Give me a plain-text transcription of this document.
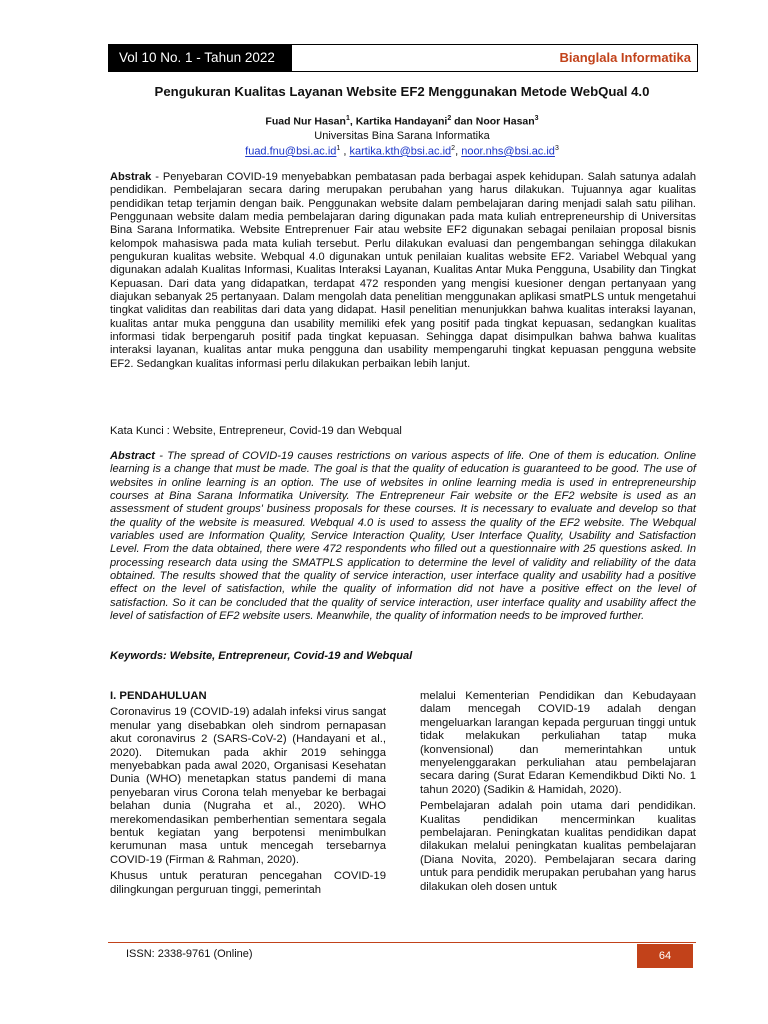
Vol 10 No. 1 - Tahun 2022	Bianglala Informatika
Pengukuran Kualitas Layanan Website EF2 Menggunakan Metode WebQual 4.0
Fuad Nur Hasan$^1$, Kartika Handayani$^2$ dan Noor Hasan$^3$
Universitas Bina Sarana Informatika
$fuad.fnu@bsi.ac.id^1$ , $kartika.kth@bsi.ac.id^2$, $noor.nhs@bsi.ac.id^3$
Abstrak - Penyebaran COVID-19 menyebabkan pembatasan pada berbagai aspek kehidupan. Salah satunya adalah pendidikan. Pembelajaran secara daring merupakan perubahan yang harus dilakukan. Tujuannya agar kualitas pendidikan tetap terjamin dengan baik. Penggunakan website dalam pembelajaran daring menjadi salah satu pilihan. Penggunaan website dalam media pembelajaran daring digunakan pada mata kuliah entrepreneurship di Universitas Bina Sarana Informatika. Website Entreprenuer Fair atau website EF2 digunakan sebagai penilaian proposal bisnis kelompok mahasiswa pada mata kuliah tersebut. Perlu dilakukan evaluasi dan pengembangan sehingga dilakukan pengukuran kualitas website. Webqual 4.0 digunakan untuk penilaian kualitas website EF2. Variabel Webqual yang digunakan adalah Kualitas Informasi, Kualitas Interaksi Layanan, Kualitas Antar Muka Pengguna, Usability dan Tingkat Kepuasan. Dari data yang didapatkan, terdapat 472 responden yang mengisi kuesioner dengan pertanyaan yang diajukan sebanyak 25 pertanyaan. Dalam mengolah data penelitian menggunakan aplikasi smatPLS untuk mengetahui tingkat validitas dan reabilitas dari data yang didapat. Hasil penelitian menunjukkan bahwa kualitas interaksi layanan, kualitas antar muka pengguna dan usability memiliki efek yang positif pada tingkat kepuasan, sedangkan kualitas informasi tidak berpengaruh positif pada tingkat kepuasan. Sehingga dapat disimpulkan bahwa bahwa kualitas interaksi layanan, kualitas antar muka pengguna dan usability mempengaruhi tingkat kepuasan pengguna website EF2. Sedangkan kualitas informasi perlu dilakukan perbaikan lebih lanjut.
Kata Kunci : Website, Entrepreneur, Covid-19 dan Webqual
Abstract - The spread of COVID-19 causes restrictions on various aspects of life. One of them is education. Online learning is a change that must be made. The goal is that the quality of education is guaranteed to be good. The use of websites in online learning is an option. The use of websites in online learning media is used in entrepreneurship courses at Bina Sarana Informatika University. The Entrepreneur Fair website or the EF2 website is used as an assessment of student groups' business proposals for these courses. It is necessary to evaluate and develop so that the quality of the website is measured. Webqual 4.0 is used to assess the quality of the EF2 website. The Webqual variables used are Information Quality, Service Interaction Quality, User Interface Quality, Usability and Satisfaction Level. From the data obtained, there were 472 respondents who filled out a questionnaire with 25 questions asked. In processing research data using the SMATPLS application to determine the level of validity and reliability of the data obtained. The results showed that the quality of service interaction, user interface quality and usability had a positive effect on the level of satisfaction, while the quality of information did not have a positive effect on the level of satisfaction. So it can be concluded that the quality of service interaction, user interface quality and usability affect the level of satisfaction of EF2 website users. Meanwhile, the quality of information needs to be improved further.
Keywords: Website, Entrepreneur, Covid-19 and Webqual

I. PENDAHULUAN

Coronavirus 19 (COVID-19) adalah infeksi virus sangat menular yang disebabkan oleh sindrom pernapasan akut coronavirus 2 (SARS-CoV-2) (Handayani et al., 2020). Ditemukan pada akhir 2019 sehingga menyebabkan pada awal 2020, Organisasi Kesehatan Dunia (WHO) menetapkan status pandemi di mana penyebaran virus Corona telah menyebar ke berbagai belahan dunia (Nugraha et al., 2020). WHO merekomendasikan pemberhentian sementara segala bentuk kegiatan yang berpotensi menimbulkan kerumunan masa untuk mencegah tersebarnya COVID-19 (Firman & Rahman, 2020).

Khusus untuk peraturan pencegahan COVID-19 dilingkungan perguruan tinggi, pemerintah

melalui Kementerian Pendidikan dan Kebudayaan dalam mencegah COVID-19 adalah dengan mengeluarkan larangan kepada perguruan tinggi untuk tidak melakukan perkuliahan tatap muka (konvensional) dan memerintahkan untuk menyelenggarakan perkuliahan atau pembelajaran secara daring (Surat Edaran Kemendikbud Dikti No. 1 tahun 2020) (Sadikin & Hamidah, 2020).

Pembelajaran adalah poin utama dari pendidikan. Kualitas pendidikan mencerminkan kualitas pembelajaran. Peningkatan kualitas pendidikan dapat dilakukan melalui peningkatan kualitas pembelajaran (Diana Novita, 2020). Pembelajaran secara daring untuk para pendidik merupakan perubahan yang harus dilakukan oleh dosen untuk

ISSN: 2338-9761 (Online)	64
